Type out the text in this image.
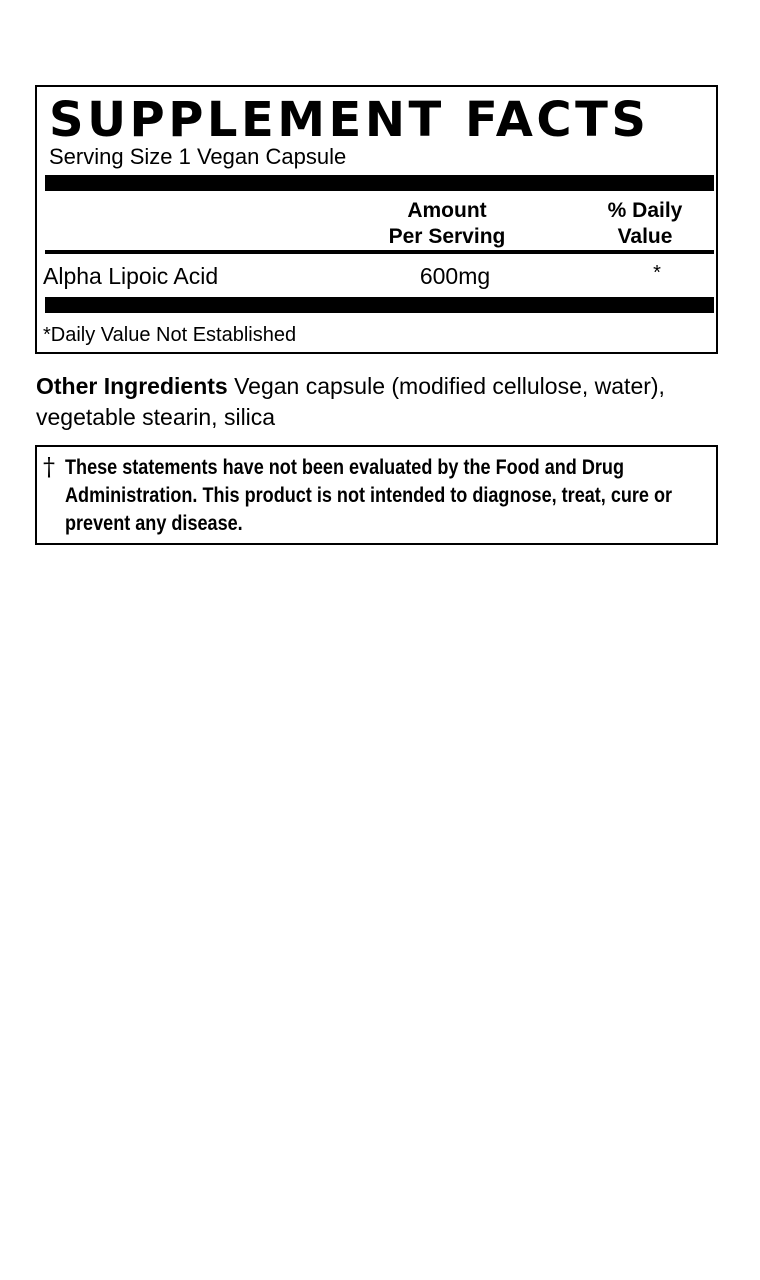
SUPPLEMENT FACTS
Serving Size 1 Vegan Capsule
Amount
Per Serving
% Daily
Value
Alpha Lipoic Acid	600mg	*
*Daily Value Not Established
Other Ingredients Vegan capsule (modified cellulose, water), vegetable stearin, silica
† These statements have not been evaluated by the Food and Drug Administration. This product is not intended to diagnose, treat, cure or prevent any disease.
